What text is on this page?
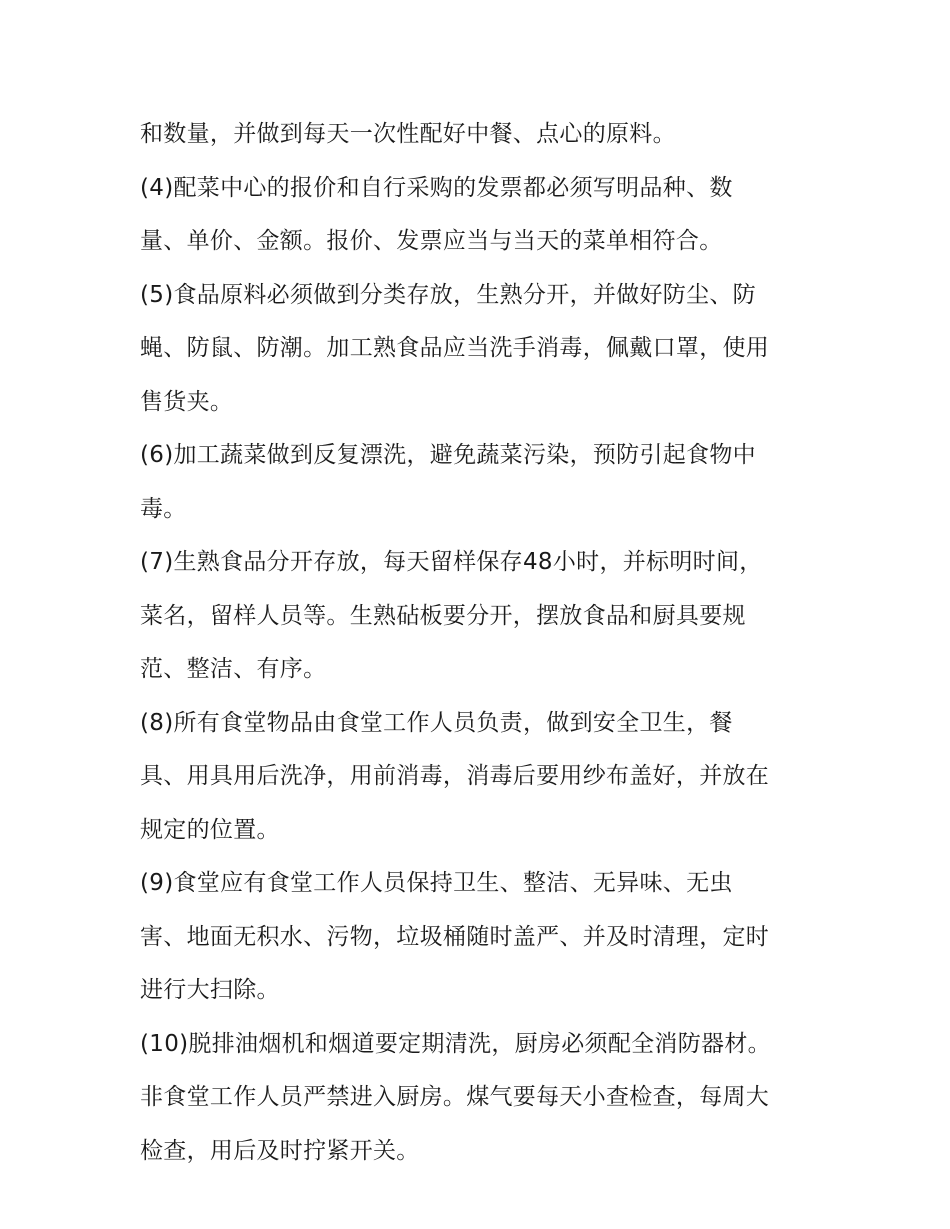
和数量，并做到每天一次性配好中餐、点心的原料。
(4)配菜中心的报价和自行采购的发票都必须写明品种、数
量、单价、金额。报价、发票应当与当天的菜单相符合。
(5)食品原料必须做到分类存放，生熟分开，并做好防尘、防
蝇、防鼠、防潮。加工熟食品应当洗手消毒，佩戴口罩，使用
售货夹。
(6)加工蔬菜做到反复漂洗，避免蔬菜污染，预防引起食物中
毒。
(7)生熟食品分开存放，每天留样保存48小时，并标明时间，
菜名，留样人员等。生熟砧板要分开，摆放食品和厨具要规
范、整洁、有序。
(8)所有食堂物品由食堂工作人员负责，做到安全卫生，餐
具、用具用后洗净，用前消毒，消毒后要用纱布盖好，并放在
规定的位置。
(9)食堂应有食堂工作人员保持卫生、整洁、无异味、无虫
害、地面无积水、污物，垃圾桶随时盖严、并及时清理，定时
进行大扫除。
(10)脱排油烟机和烟道要定期清洗，厨房必须配全消防器材。
非食堂工作人员严禁进入厨房。煤气要每天小查检查，每周大
检查，用后及时拧紧开关。
